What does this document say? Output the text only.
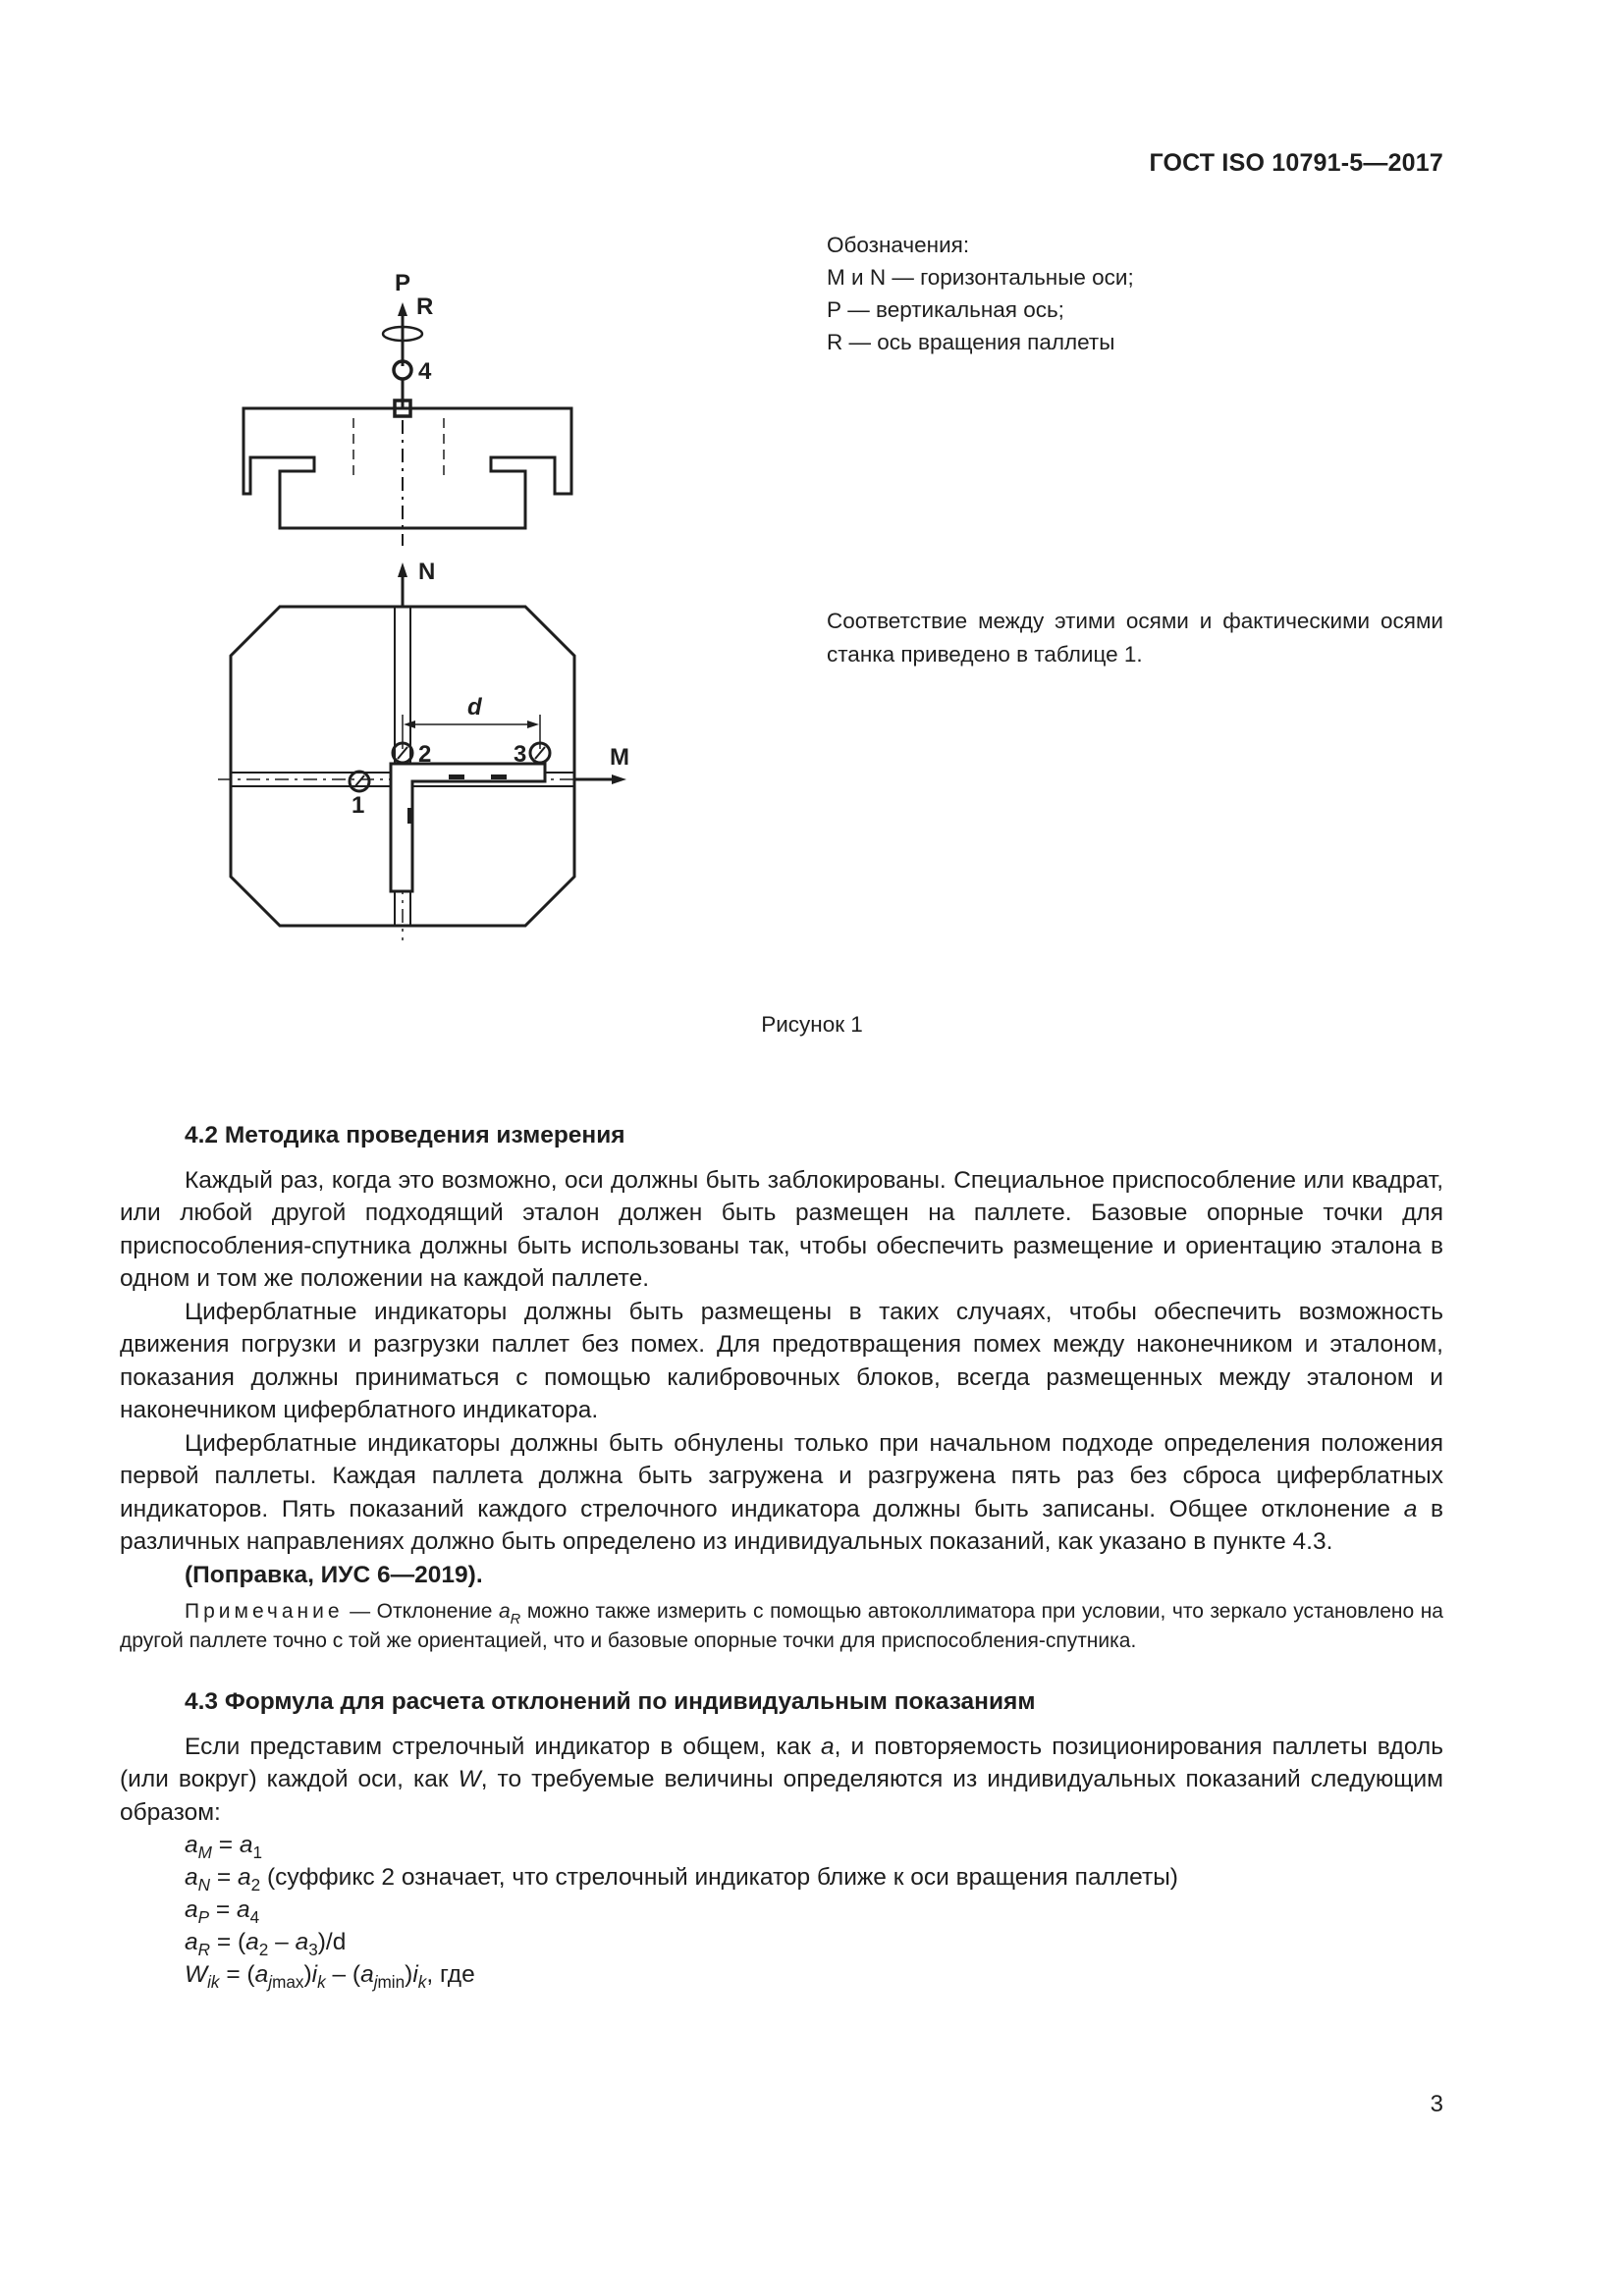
ГОСТ ISO 10791-5—2017
P
R
4
N
d
2	3
1
M
Обозначения:
М и N — горизонтальные оси;
Р — вертикальная ось;
R — ось вращения паллеты
Соответствие между этими осями и фактическими осями станка приведено в таблице 1.
Рисунок 1
4.2 Методика проведения измерения

Каждый раз, когда это возможно, оси должны быть заблокированы. Специальное приспособление или квадрат, или любой другой подходящий эталон должен быть размещен на паллете. Базовые опорные точки для приспособления-спутника должны быть использованы так, чтобы обеспечить размещение и ориентацию эталона в одном и том же положении на каждой паллете.

Циферблатные индикаторы должны быть размещены в таких случаях, чтобы обеспечить возможность движения погрузки и разгрузки паллет без помех. Для предотвращения помех между наконечником и эталоном, показания должны приниматься с помощью калибровочных блоков, всегда размещенных между эталоном и наконечником циферблатного индикатора.

Циферблатные индикаторы должны быть обнулены только при начальном подходе определения положения первой паллеты. Каждая паллета должна быть загружена и разгружена пять раз без сброса циферблатных индикаторов. Пять показаний каждого стрелочного индикатора должны быть записаны. Общее отклонение а в различных направлениях должно быть определено из индивидуальных показаний, как указано в пункте 4.3.

(Поправка, ИУС 6—2019).
Примечание — Отклонение $a_R$ можно также измерить с помощью автоколлиматора при условии, что зеркало установлено на другой паллете точно с той же ориентацией, что и базовые опорные точки для приспособления-спутника.
4.3 Формула для расчета отклонений по индивидуальным показаниям

Если представим стрелочный индикатор в общем, как а, и повторяемость позиционирования паллеты вдоль (или вокруг) каждой оси, как W, то требуемые величины определяются из индивидуальных показаний следующим образом:

$a_M = a_1$
$a_N = a_2$ (суффикс 2 означает, что стрелочный индикатор ближе к оси вращения паллеты)
$a_P = a_4$
$a_R = (a_2 - a_3)/d$
$W_{ik} = (a_{jmax})i_k - (a_{jmin})i_k$, где
3
